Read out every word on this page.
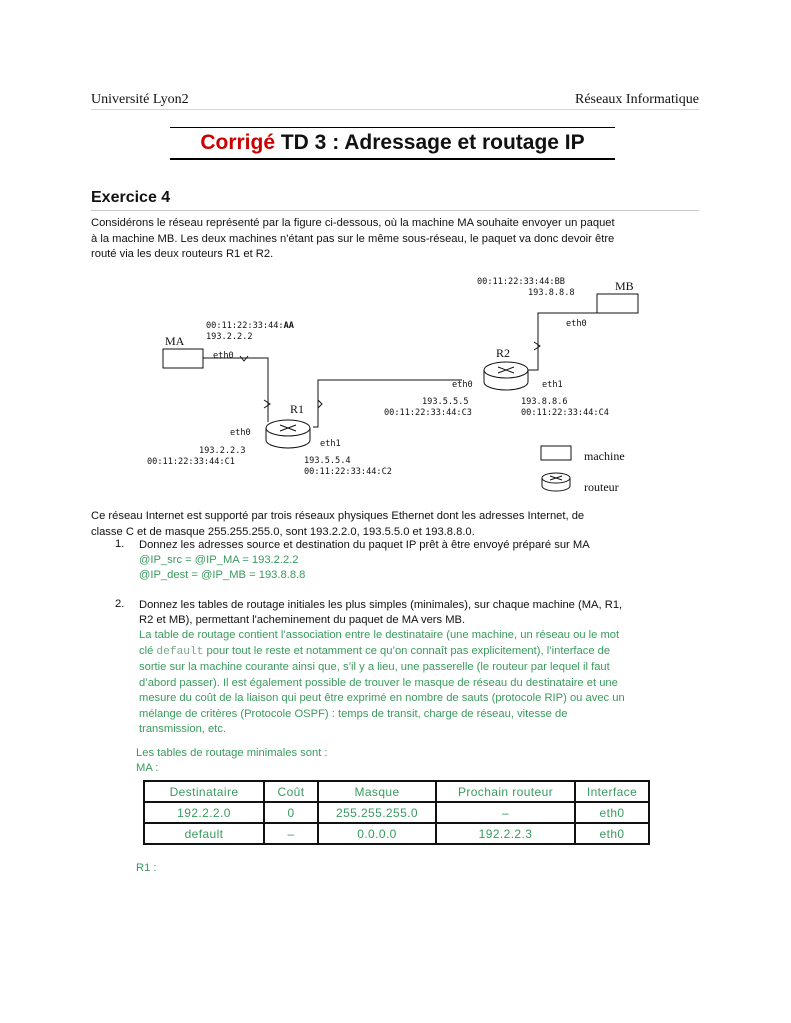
Université Lyon2	Réseaux Informatique
Corrigé TD 3 : Adressage et routage IP
Exercice 4
Considérons le réseau représenté par la figure ci-dessous, où la machine MA souhaite envoyer un paquet
à la machine MB. Les deux machines n'étant pas sur le même sous-réseau, le paquet va donc devoir être
routé via les deux routeurs R1 et R2.
MA
MB
R1
R2
00:11:22:33:44:AA
193.2.2.2
eth0
00:11:22:33:44:BB
193.8.8.8
eth0
eth0
193.2.2.3
00:11:22:33:44:C1
eth1
193.5.5.4
00:11:22:33:44:C2
eth0
193.5.5.5
00:11:22:33:44:C3
eth1
193.8.8.6
00:11:22:33:44:C4
machine
routeur
Ce réseau Internet est supporté par trois réseaux physiques Ethernet dont les adresses Internet, de
classe C et de masque 255.255.255.0, sont 193.2.2.0, 193.5.5.0 et 193.8.8.0.
1. Donnez les adresses source et destination du paquet IP prêt à être envoyé préparé sur MA
@IP_src = @IP_MA = 193.2.2.2
@IP_dest = @IP_MB = 193.8.8.8
2. Donnez les tables de routage initiales les plus simples (minimales), sur chaque machine (MA, R1,
R2 et MB), permettant l'acheminement du paquet de MA vers MB.
La table de routage contient l’association entre le destinataire (une machine, un réseau ou le mot
clé default pour tout le reste et notamment ce qu’on connaît pas explicitement), l’interface de
sortie sur la machine courante ainsi que, s’il y a lieu, une passerelle (le routeur par lequel il faut
d’abord passer). Il est également possible de trouver le masque de réseau du destinataire et une
mesure du coût de la liaison qui peut être exprimé en nombre de sauts (protocole RIP) ou avec un
mélange de critères (Protocole OSPF) : temps de transit, charge de réseau, vitesse de
transmission, etc.
Les tables de routage minimales sont :
MA :
Destinataire	Coût	Masque	Prochain routeur	Interface
192.2.2.0	0	255.255.255.0	–	eth0
default	–	0.0.0.0	192.2.2.3	eth0
R1 :
